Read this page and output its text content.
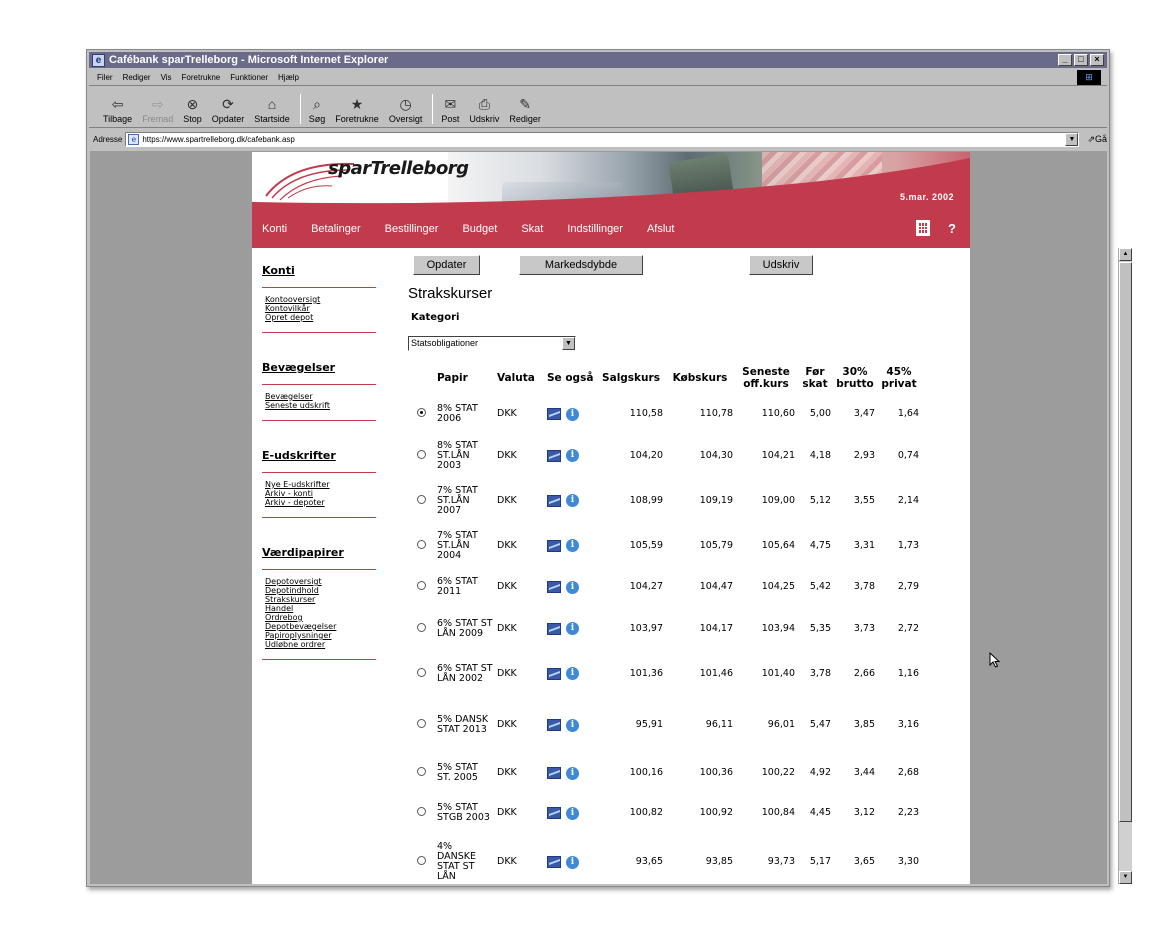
e Cafébank sparTrelleborg - Microsoft Internet Explorer	_	□	×
Filer Rediger Vis Foretrukne Funktioner Hjælp	⊞
⇦
Tilbage
⇨
Fremad
⊗
Stop
⟳
Opdater
⌂
Startside
⌕
Søg
★
Foretrukne
◷
Oversigt
✉
Post
⎙
Udskriv
✎
Rediger
Adresse	e https://www.spartrelleborg.dk/cafebank.asp	▼	⇗Gå
sparTrelleborg
5.mar. 2002
Konti Betalinger Bestillinger Budget Skat Indstillinger Afslut	?
Konti
Kontooversigt
Kontovilkår
Opret depot
Bevægelser
Bevægelser
Seneste udskrift
E-udskrifter
Nye E-udskrifter
Arkiv - konti
Arkiv - depoter
Værdipapirer
Depotoversigt
Depotindhold
Strakskurser
Handel
Ordrebog
Depotbevægelser
Papiroplysninger
Udløbne ordrer
Opdater	Markedsdybde	Udskriv
Strakskurser
Kategori
Statsobligationer	▼
	Papir	Valuta	Se også	Salgskurs	Købskurs	Seneste off.kurs	Før skat	30% brutto	45% privat
	8% STAT 2006	DKK	i	110,58	110,78	110,60	5,00	3,47	1,64
	8% STAT ST.LÅN 2003	DKK	i	104,20	104,30	104,21	4,18	2,93	0,74
	7% STAT ST.LÅN 2007	DKK	i	108,99	109,19	109,00	5,12	3,55	2,14
	7% STAT ST.LÅN 2004	DKK	i	105,59	105,79	105,64	4,75	3,31	1,73
	6% STAT 2011	DKK	i	104,27	104,47	104,25	5,42	3,78	2,79
	6% STAT ST LÅN 2009	DKK	i	103,97	104,17	103,94	5,35	3,73	2,72
	6% STAT ST LÅN 2002	DKK	i	101,36	101,46	101,40	3,78	2,66	1,16
	5% DANSK STAT 2013	DKK	i	95,91	96,11	96,01	5,47	3,85	3,16
	5% STAT ST. 2005	DKK	i	100,16	100,36	100,22	4,92	3,44	2,68
	5% STAT STGB 2003	DKK	i	100,82	100,92	100,84	4,45	3,12	2,23
	4% DANSKE STAT ST LÅN	DKK	i	93,65	93,85	93,73	5,17	3,65	3,30
▲
▼
